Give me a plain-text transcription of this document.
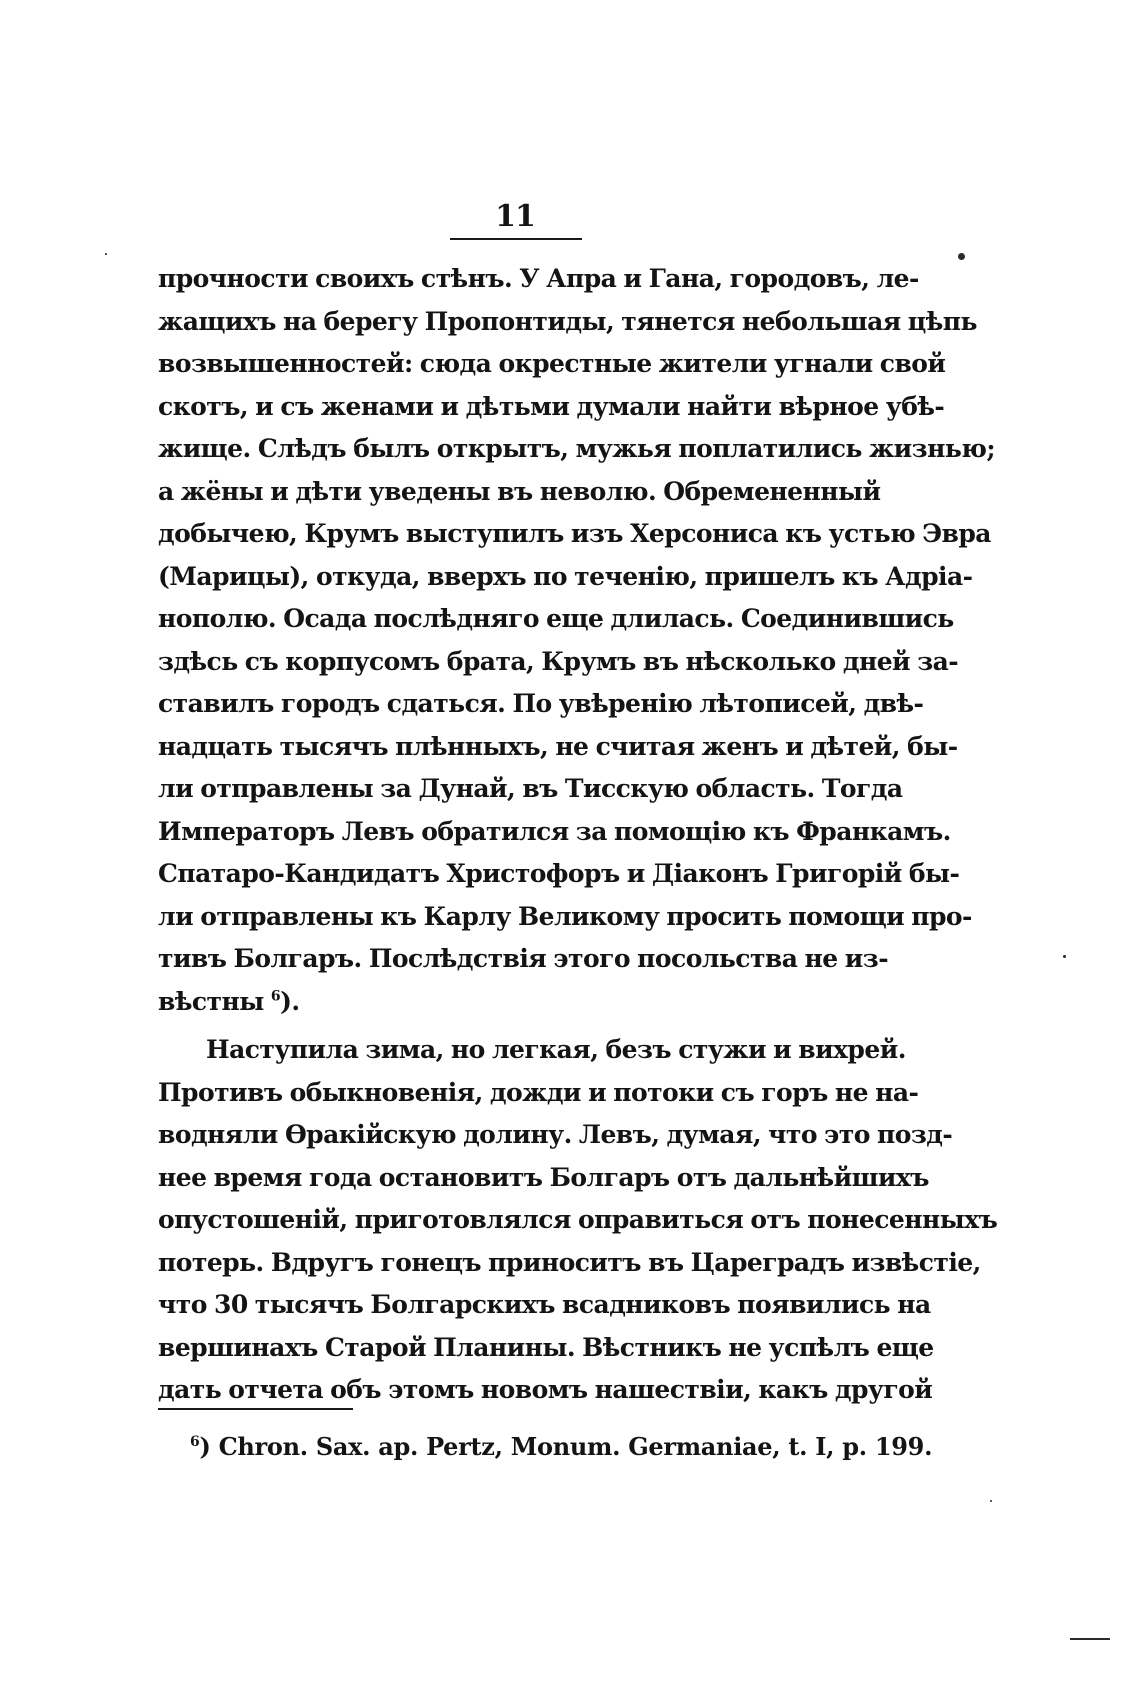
11
прочности своихъ стѣнъ. У Апра и Гана, городовъ, ле-
жащихъ на берегу Пропонтиды, тянется небольшая цѣпь
возвышенностей: сюда окрестные жители угнали свой
скотъ, и съ женами и дѣтьми думали найти вѣрное убѣ-
жище. Слѣдъ былъ открытъ, мужья поплатились жизнью;
а жёны и дѣти уведены въ неволю. Обремененный
добычею, Крумъ выступилъ изъ Херсониса къ устью Эвра
(Марицы), откуда, вверхъ по теченію, пришелъ къ Адріа-
нополю. Осада послѣдняго еще длилась. Соединившись
здѣсь съ корпусомъ брата, Крумъ въ нѣсколько дней за-
ставилъ городъ сдаться. По увѣренію лѣтописей, двѣ-
надцать тысячъ плѣнныхъ, не считая женъ и дѣтей, бы-
ли отправлены за Дунай, въ Тисскую область. Тогда
Императоръ Левъ обратился за помощію къ Франкамъ.
Спатаро-Кандидатъ Христофоръ и Діаконъ Григорій бы-
ли отправлены къ Карлу Великому просить помощи про-
тивъ Болгаръ. Послѣдствія этого посольства не из-
вѣстны $^6$).
Наступила зима, но легкая, безъ стужи и вихрей.
Противъ обыкновенія, дожди и потоки съ горъ не на-
водняли Ѳракійскую долину. Левъ, думая, что это позд-
нее время года остановитъ Болгаръ отъ дальнѣйшихъ
опустошеній, приготовлялся оправиться отъ понесенныхъ
потерь. Вдругъ гонецъ приноситъ въ Цареградъ извѣстіе,
что 30 тысячъ Болгарскихъ всадниковъ появились на
вершинахъ Старой Планины. Вѣстникъ не успѣлъ еще
дать отчета объ этомъ новомъ нашествіи, какъ другой
$^6$) Chron. Sax. ap. Pertz, Monum. Germaniae, t. I, p. 199.
